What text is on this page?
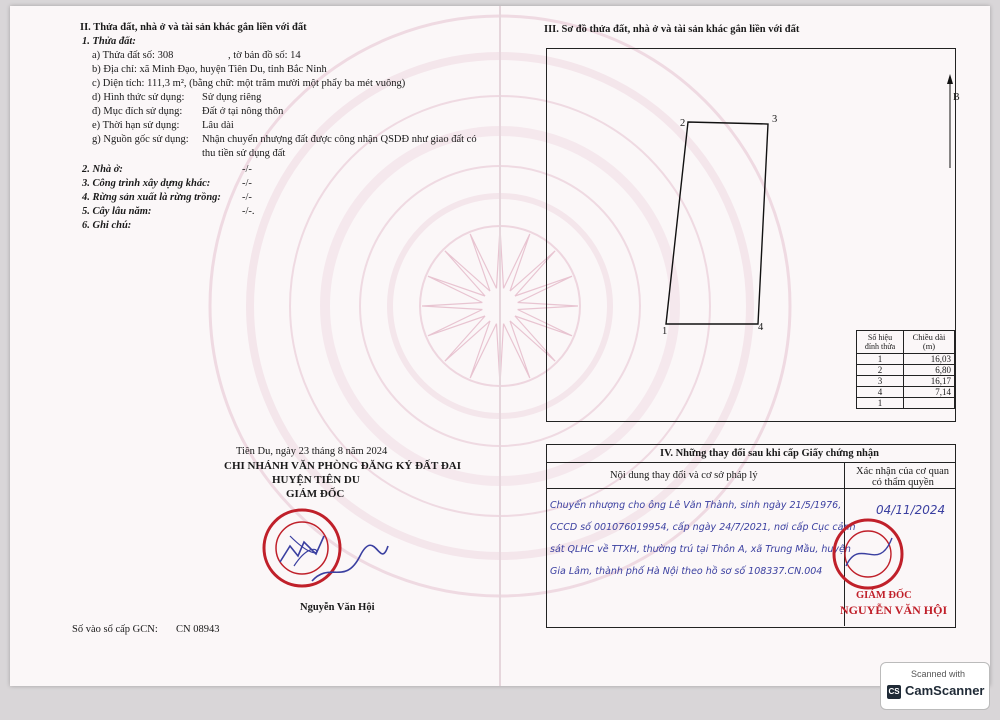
II. Thửa đất, nhà ở và tài sản khác gắn liền với đất
1. Thửa đất:
a) Thửa đất số: 308	, tờ bản đồ số: 14
b) Địa chỉ: xã Minh Đạo, huyện Tiên Du, tỉnh Bắc Ninh
c) Diện tích: 111,3 m², (bằng chữ: một trăm mười một phẩy ba mét vuông)
d) Hình thức sử dụng: Sử dụng riêng
đ) Mục đích sử dụng: Đất ở tại nông thôn
e) Thời hạn sử dụng: Lâu dài
g) Nguồn gốc sử dụng: Nhận chuyển nhượng đất được công nhận QSDĐ như giao đất có
thu tiền sử dụng đất
2. Nhà ở:	-/-
3. Công trình xây dựng khác:	-/-
4. Rừng sản xuất là rừng trồng: -/-
5. Cây lâu năm:	-/-.
6. Ghi chú:
Tiên Du, ngày 23 tháng 8 năm 2024
CHI NHÁNH VĂN PHÒNG ĐĂNG KÝ ĐẤT ĐAI
HUYỆN TIÊN DU
GIÁM ĐỐC
Nguyễn Văn Hội
Số vào sổ cấp GCN: CN 08943
III. Sơ đồ thửa đất, nhà ở và tài sản khác gắn liền với đất
B
1
2	3
4
Số hiệu đỉnh thửa	Chiều dài (m)
1	16,03
2	6,80
3	16,17
4	7,14
1	
IV. Những thay đổi sau khi cấp Giấy chứng nhận
Nội dung thay đổi và cơ sở pháp lý	Xác nhận của cơ quan
có thẩm quyền
Chuyển nhượng cho ông Lê Văn Thành, sinh ngày 21/5/1976,
CCCD số 001076019954, cấp ngày 24/7/2021, nơi cấp Cục cảnh
sát QLHC về TTXH, thường trú tại Thôn A, xã Trung Mầu, huyện
Gia Lâm, thành phố Hà Nội theo hồ sơ số 108337.CN.004
04/11/2024
GIÁM ĐỐC
NGUYỄN VĂN HỘI
Scanned with
CS CamScanner
